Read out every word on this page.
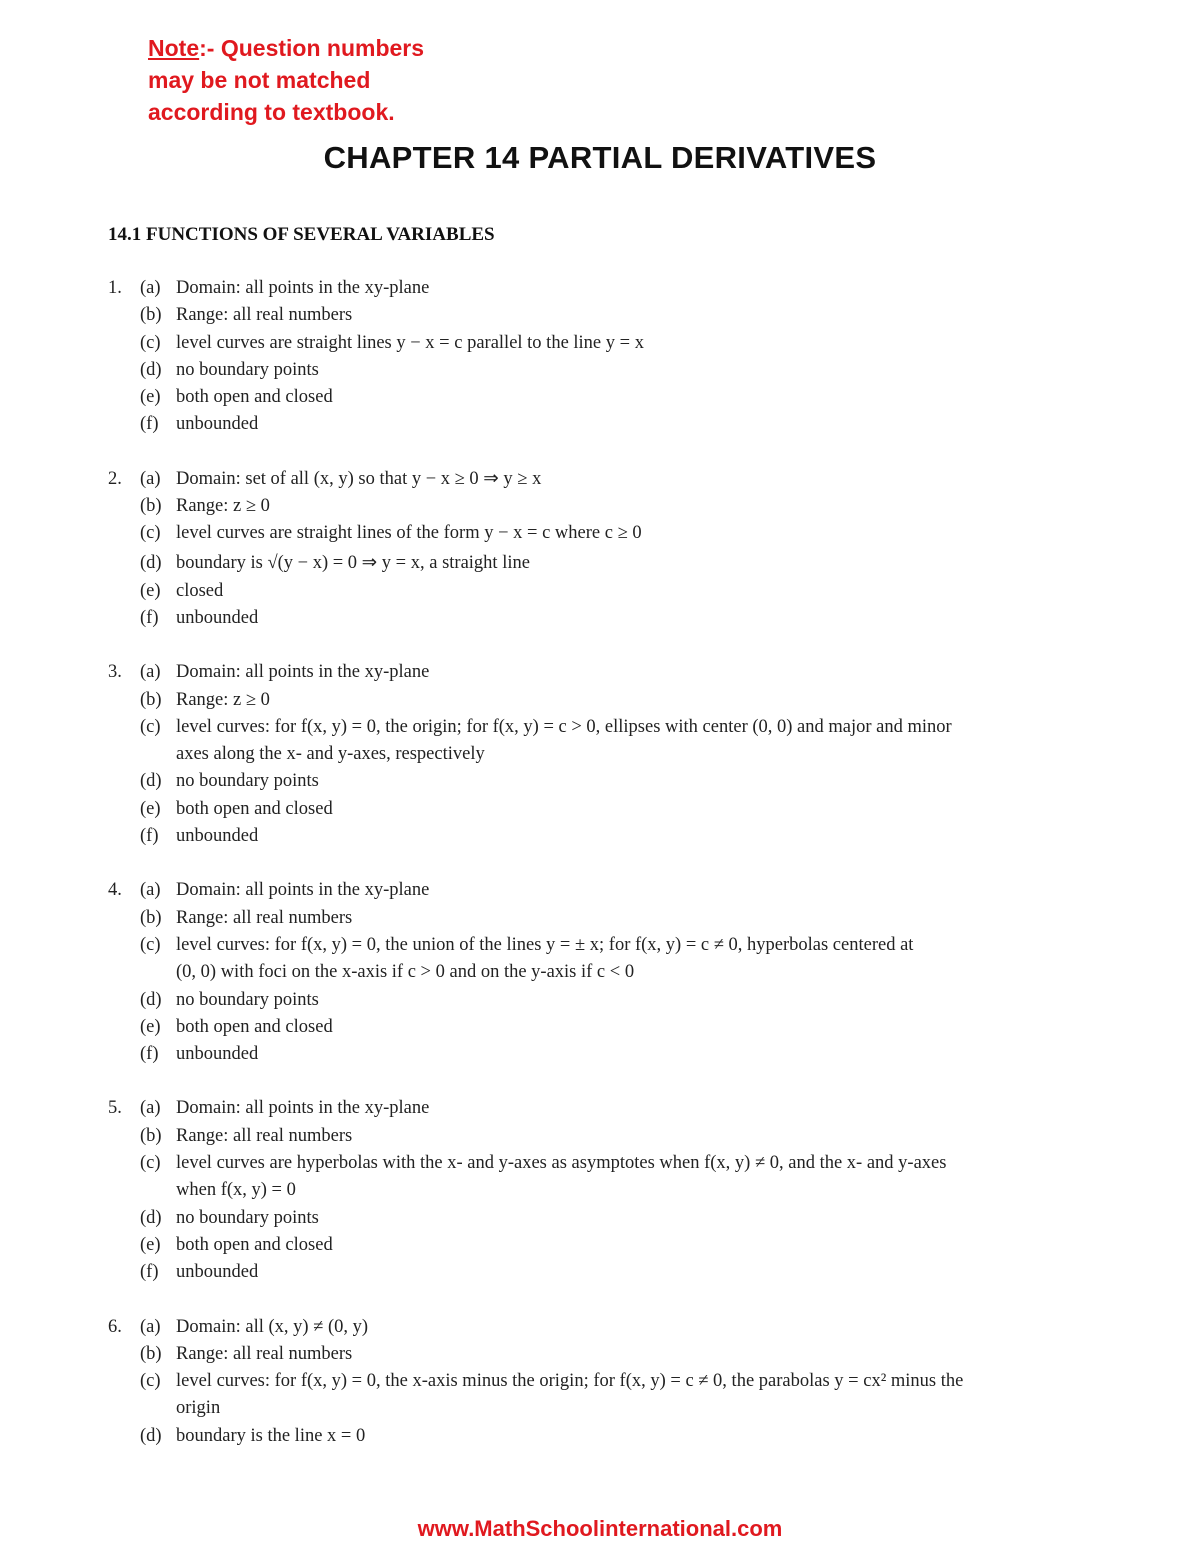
Note:- Question numbers
may be not matched
according to textbook.
CHAPTER 14 PARTIAL DERIVATIVES
14.1 FUNCTIONS OF SEVERAL VARIABLES
1. (a) Domain: all points in the xy-plane
(b) Range: all real numbers
(c) level curves are straight lines y − x = c parallel to the line y = x
(d) no boundary points
(e) both open and closed
(f) unbounded
2. (a) Domain: set of all (x, y) so that y − x ≥ 0 ⇒ y ≥ x
(b) Range: z ≥ 0
(c) level curves are straight lines of the form y − x = c where c ≥ 0
(d) boundary is √(y − x) = 0 ⇒ y = x, a straight line
(e) closed
(f) unbounded
3. (a) Domain: all points in the xy-plane
(b) Range: z ≥ 0
(c) level curves: for f(x, y) = 0, the origin; for f(x, y) = c > 0, ellipses with center (0, 0) and major and minor
axes along the x- and y-axes, respectively
(d) no boundary points
(e) both open and closed
(f) unbounded
4. (a) Domain: all points in the xy-plane
(b) Range: all real numbers
(c) level curves: for f(x, y) = 0, the union of the lines y = ± x; for f(x, y) = c ≠ 0, hyperbolas centered at
(0, 0) with foci on the x-axis if c > 0 and on the y-axis if c < 0
(d) no boundary points
(e) both open and closed
(f) unbounded
5. (a) Domain: all points in the xy-plane
(b) Range: all real numbers
(c) level curves are hyperbolas with the x- and y-axes as asymptotes when f(x, y) ≠ 0, and the x- and y-axes
when f(x, y) = 0
(d) no boundary points
(e) both open and closed
(f) unbounded
6. (a) Domain: all (x, y) ≠ (0, y)
(b) Range: all real numbers
(c) level curves: for f(x, y) = 0, the x-axis minus the origin; for f(x, y) = c ≠ 0, the parabolas y = cx² minus the
origin
(d) boundary is the line x = 0
www.MathSchoolinternational.com
